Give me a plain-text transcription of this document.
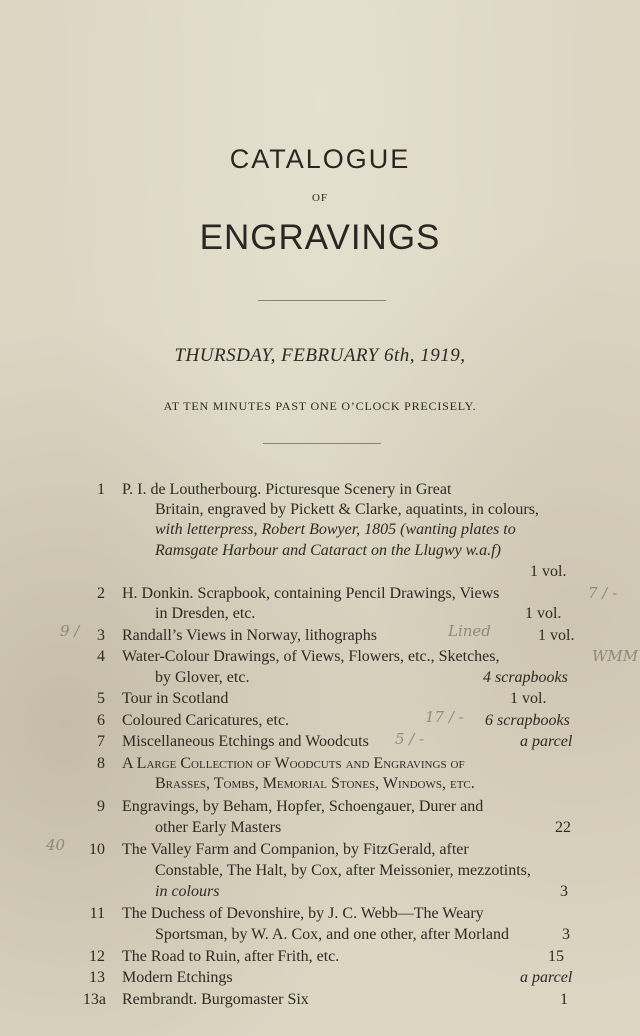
CATALOGUE
OF
ENGRAVINGS
THURSDAY, FEBRUARY 6th, 1919,
AT TEN MINUTES PAST ONE O’CLOCK PRECISELY.
1 P. I. de Loutherbourg. Picturesque Scenery in Great
Britain, engraved by Pickett & Clarke, aquatints, in colours,
with letterpress, Robert Bowyer, 1805 (wanting plates to
Ramsgate Harbour and Cataract on the Llugwy w.a.f)
1 vol.
2 H. Donkin. Scrapbook, containing Pencil Drawings, Views
in Dresden, etc.	1 vol.
3 Randall’s Views in Norway, lithographs	1 vol.
4 Water-Colour Drawings, of Views, Flowers, etc., Sketches,
by Glover, etc.	4 scrapbooks
5 Tour in Scotland	1 vol.
6 Coloured Caricatures, etc.	6 scrapbooks
7 Miscellaneous Etchings and Woodcuts	a parcel
8 A Large Collection of Woodcuts and Engravings of
Brasses, Tombs, Memorial Stones, Windows, etc.
9 Engravings, by Beham, Hopfer, Schoengauer, Durer and
other Early Masters	22
10 The Valley Farm and Companion, by FitzGerald, after
Constable, The Halt, by Cox, after Meissonier, mezzotints,
in colours	3
11 The Duchess of Devonshire, by J. C. Webb—The Weary
Sportsman, by W. A. Cox, and one other, after Morland	3
12 The Road to Ruin, after Frith, etc.	15
13 Modern Etchings	a parcel
13a Rembrandt. Burgomaster Six	1
7 / -
9 /	Lined
WMM
17 / -
5 / -
40
